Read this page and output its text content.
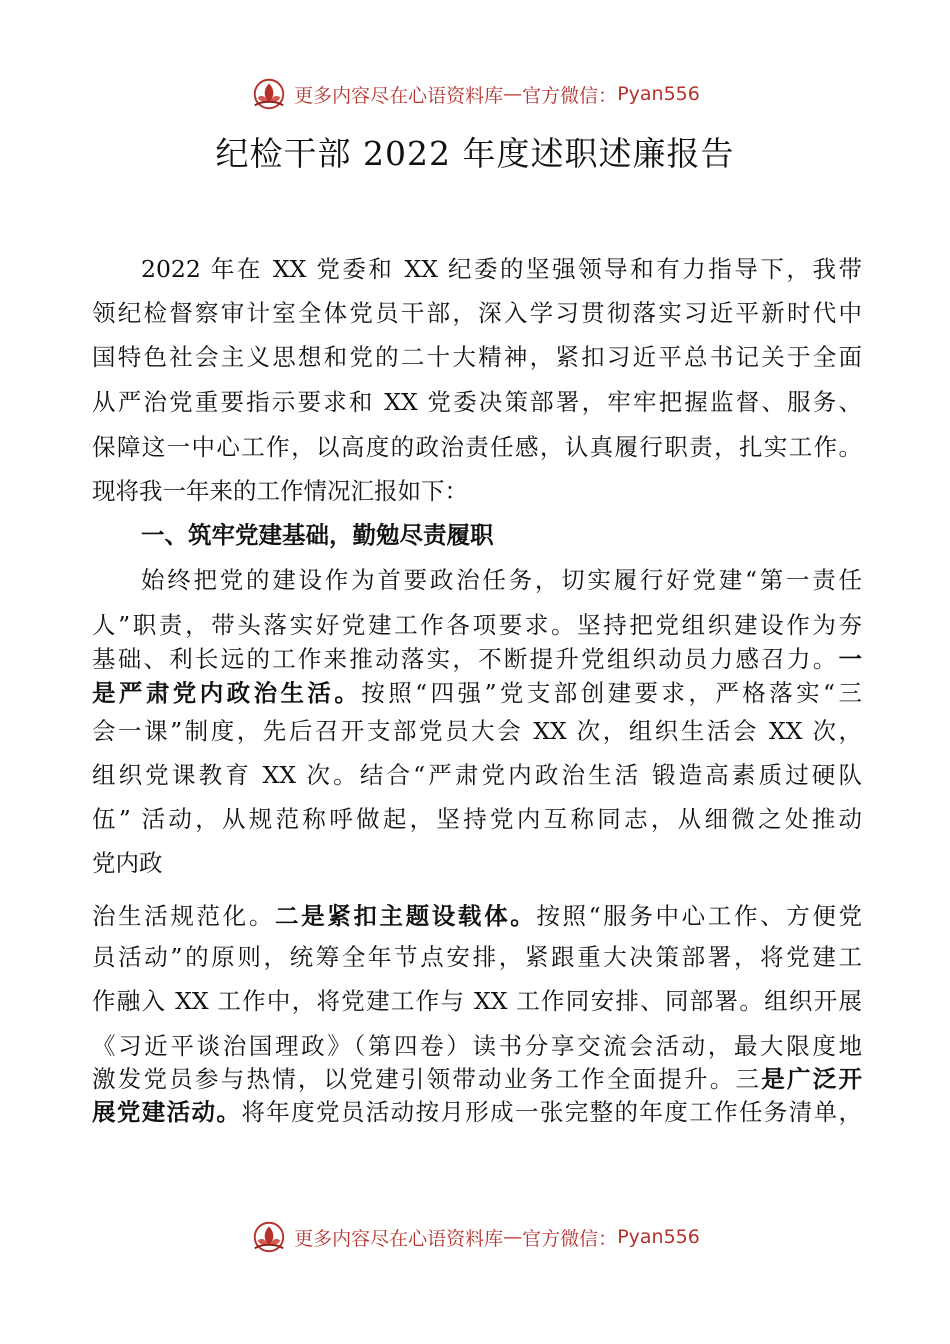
更多内容尽在心语资料库 — 官方微信： Pyan556
纪检干部 2022 年度述职述廉报告
2022 年在 XX 党委和 XX 纪委的坚强领导和有力指导下，我带
领纪检督察审计室全体党员干部，深入学习贯彻落实习近平新时代中
国特色社会主义思想和党的二十大精神，紧扣习近平总书记关于全面
从严治党重要指示要求和 XX 党委决策部署，牢牢把握监督、服务、
保障这一中心工作，以高度的政治责任感，认真履行职责，扎实工作。
现将我一年来的工作情况汇报如下：
一、筑牢党建基础，勤勉尽责履职
始终把党的建设作为首要政治任务，切实履行好党建“第一责任
人”职责，带头落实好党建工作各项要求。坚持把党组织建设作为夯
基础、利长远的工作来推动落实，不断提升党组织动员力感召力。一
是严肃党内政治生活。按照“四强”党支部创建要求，严格落实“三
会一课”制度，先后召开支部党员大会 XX 次，组织生活会 XX 次，
组织党课教育 XX 次。结合“严肃党内政治生活 锻造高素质过硬队
伍” 活动，从规范称呼做起，坚持党内互称同志，从细微之处推动
党内政
治生活规范化。二是紧扣主题设载体。按照“服务中心工作、方便党
员活动”的原则，统筹全年节点安排，紧跟重大决策部署，将党建工
作融入 XX 工作中，将党建工作与 XX 工作同安排、同部署。组织开展
《习近平谈治国理政》（第四卷）读书分享交流会活动，最大限度地
激发党员参与热情，以党建引领带动业务工作全面提升。三是广泛开
展党建活动。将年度党员活动按月形成一张完整的年度工作任务清单，
更多内容尽在心语资料库 — 官方微信： Pyan556
